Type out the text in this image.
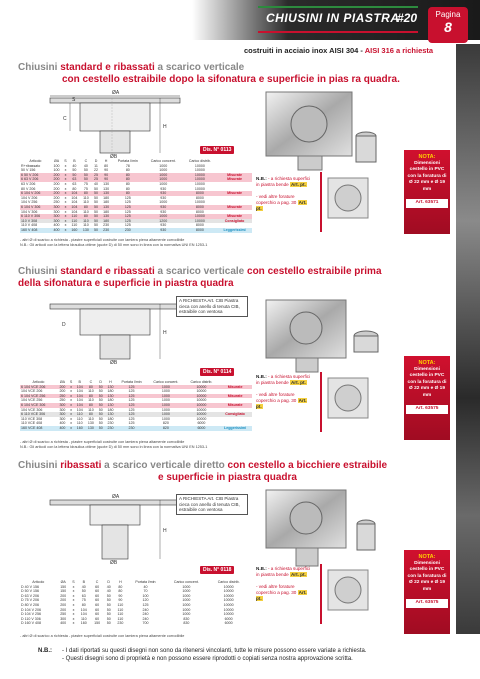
CHIUSINI IN PIASTRA
#20	Pagina
8
costruiti in acciaio inox AISI 304 - AISI 316 a richiesta
Chiusini standard e ribassati a scarico verticale
con cestello estraibile dopo la sifonatura e superficie in pias ra quadra.
ØA
C
H
ØB
S
Dis. N° 0113
Articolo	ØA	S	B	C	D	H	Portata l/min	Carico concent.	Carico distrib.	
R+ribassato	100	x	40	40	11	80	78	1000	10000	
50 V 156	100	x	50	50	22	90	80	1000	10000	
6 50 V 206	200	x	50	50	25	90	80	1000	10000	Misurate
6 63 V 206	200	x	63	50	25	90	80	1000	10000	Misurate
63 V 206	200	x	63	75	40	130	80	1000	10000	
80 V 206	200	x	80	75	50	130	80	930	10000	
6 104 V 206	200	x	104	80	50	130	80	930	8000	Misurate
104 V 206	200	x	104	110	50	180	125	930	8000	
104 V 256	250	x	104	110	50	180	125	1000	10000	
6 104 V 306	300	x	104	80	50	130	125	930	8000	Misurate
104 V 306	300	x	104	110	50	180	125	930	8000	
6 110 V 306	300	x	110	80	50	130	125	1000	10000	Misurate
110 V 308	300	x	110	110	50	180	125	1200	10000	Consigliato
110 V 408	400	x	110	110	50	230	125	930	8000	
160 V 408	400	x	160	130	50	230	230	930	8000	Leggerissimi
- altri Ø di scarico a richiesta - piastre superficiali costruite con lamiera piena altamente corrodibile
N.B.: Gli articoli con la lettera Idraulica ottime (quote D) di 50 mm sono in linea con la normativa UNI EN 1253-1
N.B.: - a richiesta superfici in piastra bende Art. pt.

- vedi altre forature coperchio a pag. 30 Art. pt.
NOTA:
Dimensioni cestello in PVC con la foratura di Ø 22 mm e Ø 19 mm
Art. 63571
Chiusini standard e ribassati a scarico verticale con cestello estraibile prima
della sifonatura e superficie in piastra quadra
D
H
ØB
A RICHIESTA Art. CIB Piastra cieca con anello di tenuta CIB, estraibile con ventosa
Dis. N° 0114
Articolo	ØA	S	B	C	D	H	Portata l/min	Carico concent.	Carico distrib.	
6 104 VCE 206	200	x	104	80	50	130	125	1000	10000	Misurate
104 VCE 206	200	x	104	110	50	180	125	1000	10000	
6 104 VCE 256	250	x	104	80	50	130	125	1000	10000	Misurate
104 VCE 256	250	x	104	110	50	180	125	1000	10000	
6 104 VCE 306	300	x	104	80	50	130	125	1000	10000	Misurate
104 VCE 306	300	x	104	110	50	180	125	1000	10000	
6 110 VCE 306	300	x	110	80	50	130	125	1000	10000	Consigliato
110 VCE 308	300	x	110	110	50	180	125	1000	10000	
110 VCE 408	400	x	110	130	50	230	125	820	6000	
160 VCE 408	400	x	160	130	50	230	230	820	6000	Leggerissimi
- altri Ø di scarico a richiesta - piastre superficiali costruite con lamiera piena altamente corrodibile
N.B.: Gli articoli con la lettera Idraulica ottime (quote D) di 50 mm sono in linea con la normativa UNI EN 1253-1
N.B.: - a richiesta superfici in piastra bende Art. pt.

- vedi altre forature coperchio a pag. 30 Art. pt.
NOTA:
Dimensioni cestello in PVC con la foratura di Ø 22 mm e Ø 19 mm
Art. 63575
Chiusini ribassati a scarico verticale diretto con cestello a bicchiere estraibile
e superficie in piastra quadra
ØA
H
ØB
A RICHIESTA Art. CIB Piastra cieca con anello di tenuta CIB, estraibile con ventosa
Dis. N° 0118
Articolo	ØA	S	B	C	D	H	Portata l/min	Carico concent.	Carico distrib.	
D 40 V 156	150	x	40	60	40	80	40	1000	10000	
D 50 V 156	150	x	50	60	40	80	70	1000	10000	
D 63 V 206	200	x	63	60	50	90	100	1000	10000	
D 75 V 206	200	x	75	60	50	90	120	1000	10000	
D 80 V 206	200	x	80	60	50	110	125	1000	10000	
D 104 V 206	200	x	104	60	50	110	240	1000	10000	
D 104 V 256	250	x	104	60	50	110	240	1000	10000	
D 110 V 306	300	x	110	60	50	110	240	830	6000	
D 160 V 408	400	x	160	150	50	230	700	830	6000	
- altri Ø di scarico a richiesta - piastre superficiali costruite con lamiera piena altamente corrodibile
N.B.: - a richiesta superfici in piastra bende Art. pt.

- vedi altre forature coperchio a pag. 30 Art. pt.
NOTA:
Dimensioni cestello in PVC con la foratura di Ø 22 mm e Ø 19 mm
Art. 63575
N.B.: - I dati riportati su questi disegni non sono da ritenersi vincolanti, tutte le misure possono essere variate a richiesta.
- Questi disegni sono di proprietà e non possono essere riprodotti o copiati senza nostra approvazione scritta.
